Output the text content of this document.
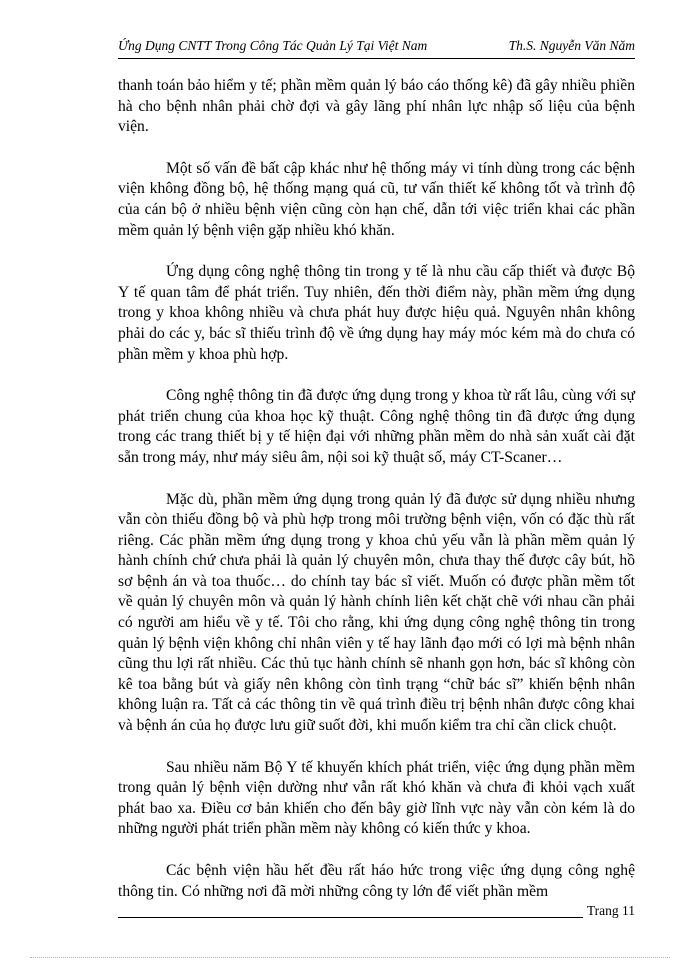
Ứng Dụng CNTT Trong Công Tác Quản Lý Tại Việt Nam	Th.S. Nguyễn Văn Năm

thanh toán bảo hiểm y tế; phần mềm quản lý báo cáo thống kê) đã gây nhiều phiền hà cho bệnh nhân phải chờ đợi và gây lãng phí nhân lực nhập số liệu của bệnh viện.

Một số vấn đề bất cập khác như hệ thống máy vi tính dùng trong các bệnh viện không đồng bộ, hệ thống mạng quá cũ, tư vấn thiết kế không tốt và trình độ của cán bộ ở nhiều bệnh viện cũng còn hạn chế, dẫn tới việc triển khai các phần mềm quản lý bệnh viện gặp nhiều khó khăn.

Ứng dụng công nghệ thông tin trong y tế là nhu cầu cấp thiết và được Bộ Y tế quan tâm để phát triển. Tuy nhiên, đến thời điểm này, phần mềm ứng dụng trong y khoa không nhiều và chưa phát huy được hiệu quả. Nguyên nhân không phải do các y, bác sĩ thiếu trình độ về ứng dụng hay máy móc kém mà do chưa có phần mềm y khoa phù hợp.

Công nghệ thông tin đã được ứng dụng trong y khoa từ rất lâu, cùng với sự phát triển chung của khoa học kỹ thuật. Công nghệ thông tin đã được ứng dụng trong các trang thiết bị y tế hiện đại với những phần mềm do nhà sản xuất cài đặt sẵn trong máy, như máy siêu âm, nội soi kỹ thuật số, máy CT-Scaner…

Mặc dù, phần mềm ứng dụng trong quản lý đã được sử dụng nhiều nhưng vẫn còn thiếu đồng bộ và phù hợp trong môi trường bệnh viện, vốn có đặc thù rất riêng. Các phần mềm ứng dụng trong y khoa chủ yếu vẫn là phần mềm quản lý hành chính chứ chưa phải là quản lý chuyên môn, chưa thay thế được cây bút, hồ sơ bệnh án và toa thuốc… do chính tay bác sĩ viết. Muốn có được phần mềm tốt về quản lý chuyên môn và quản lý hành chính liên kết chặt chẽ với nhau cần phải có người am hiểu về y tế. Tôi cho rằng, khi ứng dụng công nghệ thông tin trong quản lý bệnh viện không chỉ nhân viên y tế hay lãnh đạo mới có lợi mà bệnh nhân cũng thu lợi rất nhiều. Các thủ tục hành chính sẽ nhanh gọn hơn, bác sĩ không còn kê toa bằng bút và giấy nên không còn tình trạng “chữ bác sĩ” khiến bệnh nhân không luận ra. Tất cả các thông tin về quá trình điều trị bệnh nhân được công khai và bệnh án của họ được lưu giữ suốt đời, khi muốn kiểm tra chỉ cần click chuột.

Sau nhiều năm Bộ Y tế khuyến khích phát triển, việc ứng dụng phần mềm trong quản lý bệnh viện dường như vẫn rất khó khăn và chưa đi khỏi vạch xuất phát bao xa. Điều cơ bản khiến cho đến bây giờ lĩnh vực này vẫn còn kém là do những người phát triển phần mềm này không có kiến thức y khoa.

Các bệnh viện hầu hết đều rất háo hức trong việc ứng dụng công nghệ thông tin. Có những nơi đã mời những công ty lớn để viết phần mềm

Trang 11
